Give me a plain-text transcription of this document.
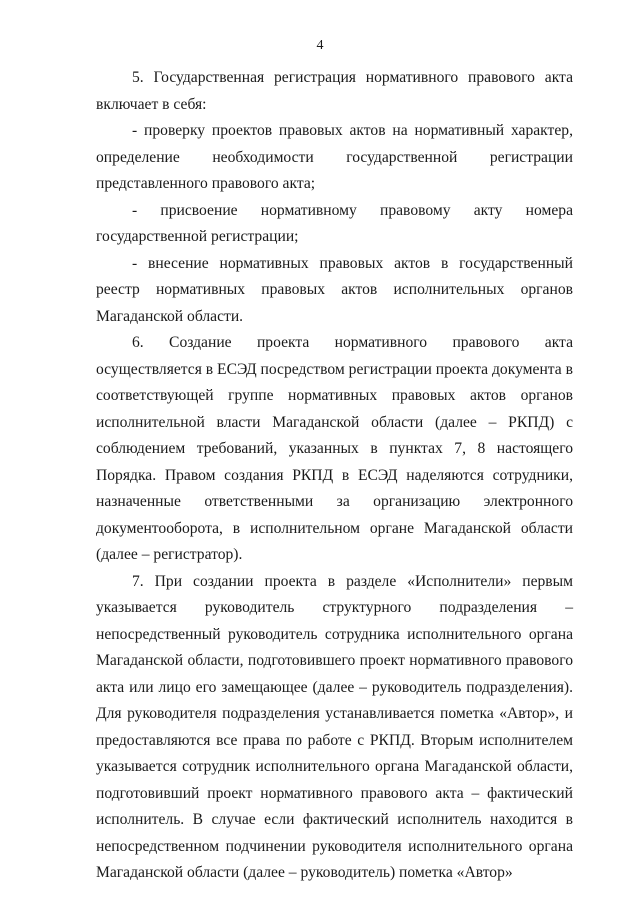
4

5. Государственная регистрация нормативного правового акта включает в себя:

- проверку проектов правовых актов на нормативный характер, определение необходимости государственной регистрации представленного правового акта;

- присвоение нормативному правовому акту номера государственной регистрации;

- внесение нормативных правовых актов в государственный реестр нормативных правовых актов исполнительных органов Магаданской области.

6. Создание проекта нормативного правового акта осуществляется в ЕСЭД посредством регистрации проекта документа в соответствующей группе нормативных правовых актов органов исполнительной власти Магаданской области (далее – РКПД) с соблюдением требований, указанных в пунктах 7, 8 настоящего Порядка. Правом создания РКПД в ЕСЭД наделяются сотрудники, назначенные ответственными за организацию электронного документооборота, в исполнительном органе Магаданской области (далее – регистратор).

7. При создании проекта в разделе «Исполнители» первым указывается руководитель структурного подразделения – непосредственный руководитель сотрудника исполнительного органа Магаданской области, подготовившего проект нормативного правового акта или лицо его замещающее (далее – руководитель подразделения). Для руководителя подразделения устанавливается пометка «Автор», и предоставляются все права по работе с РКПД. Вторым исполнителем указывается сотрудник исполнительного органа Магаданской области, подготовивший проект нормативного правового акта – фактический исполнитель. В случае если фактический исполнитель находится в непосредственном подчинении руководителя исполнительного органа Магаданской области (далее – руководитель) пометка «Автор»
